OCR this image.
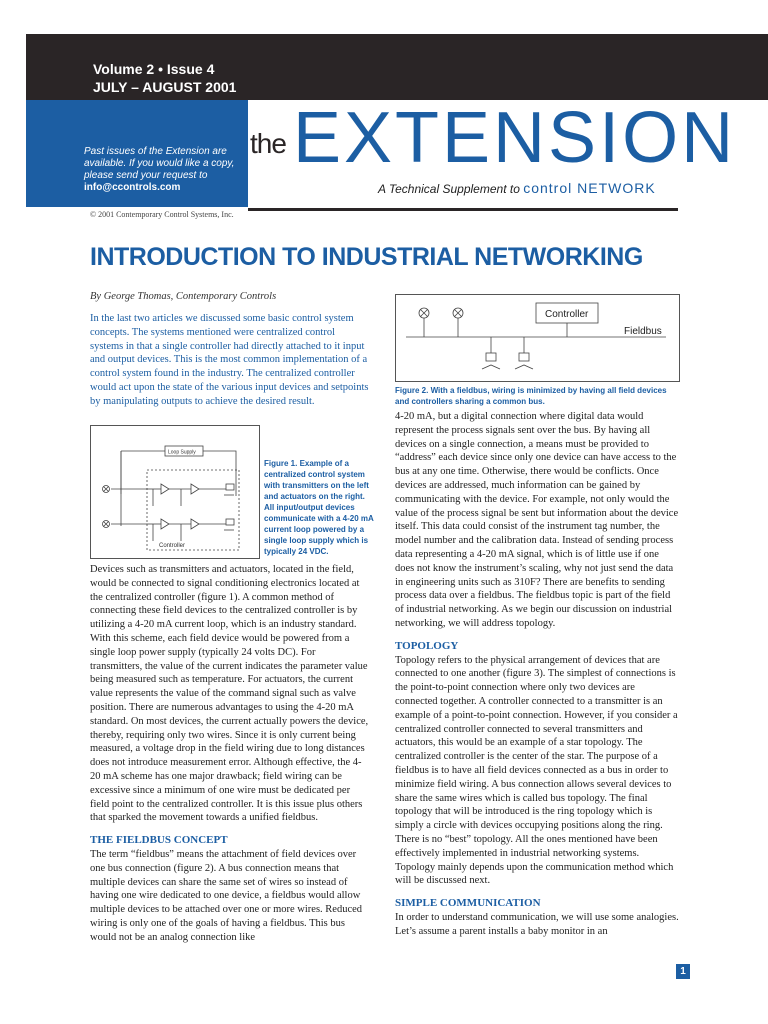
Volume 2 • Issue 4
JULY – AUGUST 2001
Past issues of the Extension are available. If you would like a copy, please send your request to
info@ccontrols.com
the EXTENSION
A Technical Supplement to control NETWORK
© 2001 Contemporary Control Systems, Inc.
INTRODUCTION TO INDUSTRIAL NETWORKING
By George Thomas, Contemporary Controls
In the last two articles we discussed some basic control system concepts. The systems mentioned were centralized control systems in that a single controller had directly attached to it input and output devices. This is the most common implementation of a control system found in the industry. The centralized controller would act upon the state of the various input devices and setpoints by manipulating outputs to achieve the desired result.
Loop Supply
Controller
Figure 1. Example of a centralized control system with transmitters on the left and actuators on the right. All input/output devices communicate with a 4-20 mA current loop powered by a single loop supply which is typically 24 VDC.

Devices such as transmitters and actuators, located in the field, would be connected to signal conditioning electronics located at the centralized controller (figure 1). A common method of connecting these field devices to the centralized controller is by utilizing a 4-20 mA current loop, which is an industry standard. With this scheme, each field device would be powered from a single loop power supply (typically 24 volts DC). For transmitters, the value of the current indicates the parameter value being measured such as temperature. For actuators, the current value represents the value of the command signal such as valve position. There are numerous advantages to using the 4-20 mA standard. On most devices, the current actually powers the device, thereby, requiring only two wires. Since it is only current being measured, a voltage drop in the field wiring due to long distances does not introduce measurement error. Although effective, the 4-20 mA scheme has one major drawback; field wiring can be excessive since a minimum of one wire must be dedicated per field point to the centralized controller. It is this issue plus others that sparked the movement towards a unified fieldbus.

THE FIELDBUS CONCEPT

The term “fieldbus” means the attachment of field devices over one bus connection (figure 2). A bus connection means that multiple devices can share the same set of wires so instead of having one wire dedicated to one device, a fieldbus would allow multiple devices to be attached over one or more wires. Reduced wiring is only one of the goals of having a fieldbus. This bus would not be an analog connection like

Controller
Fieldbus
Figure 2. With a fieldbus, wiring is minimized by having all field devices and controllers sharing a common bus.

4-20 mA, but a digital connection where digital data would represent the process signals sent over the bus. By having all devices on a single connection, a means must be provided to “address” each device since only one device can have access to the bus at any one time. Otherwise, there would be conflicts. Once devices are addressed, much information can be gained by communicating with the device. For example, not only would the value of the process signal be sent but information about the device itself. This data could consist of the instrument tag number, the model number and the calibration data. Instead of sending process data representing a 4-20 mA signal, which is of little use if one does not know the instrument’s scaling, why not just send the data in engineering units such as 310F? There are benefits to sending process data over a fieldbus. The fieldbus topic is part of the field of industrial networking. As we begin our discussion on industrial networking, we will address topology.

TOPOLOGY

Topology refers to the physical arrangement of devices that are connected to one another (figure 3). The simplest of connections is the point-to-point connection where only two devices are connected together. A controller connected to a transmitter is an example of a point-to-point connection. However, if you consider a centralized controller connected to several transmitters and actuators, this would be an example of a star topology. The centralized controller is the center of the star. The purpose of a fieldbus is to have all field devices connected as a bus in order to minimize field wiring. A bus connection allows several devices to share the same wires which is called bus topology. The final topology that will be introduced is the ring topology which is simply a circle with devices occupying positions along the ring. There is no “best” topology. All the ones mentioned have been effectively implemented in industrial networking systems. Topology mainly depends upon the communication method which will be discussed next.

SIMPLE COMMUNICATION

In order to understand communication, we will use some analogies. Let’s assume a parent installs a baby monitor in an

1
